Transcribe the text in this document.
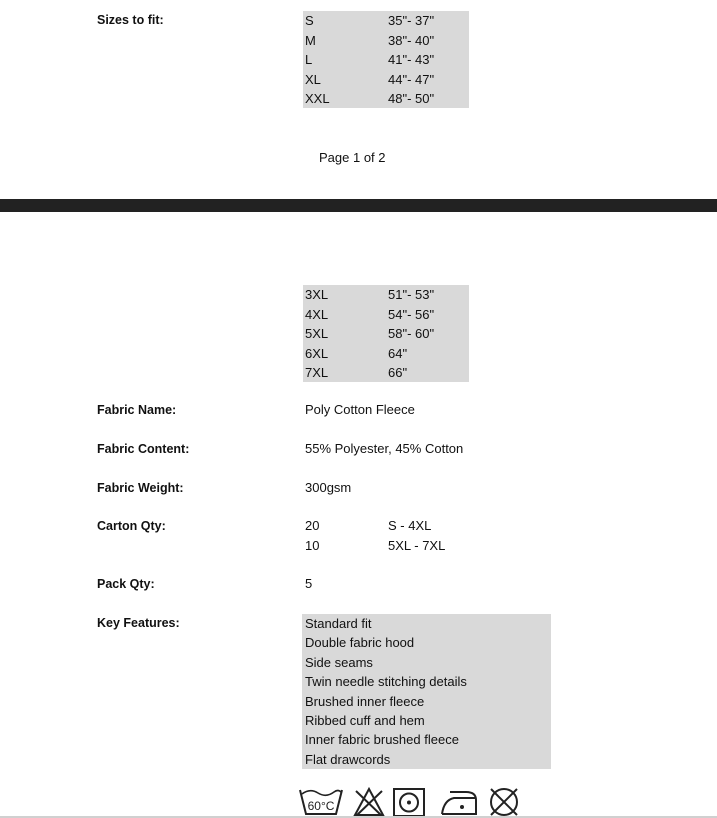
Sizes to fit:	S	35"- 37"
M	38"- 40"
L	41"- 43"
XL	44"- 47"
XXL	48"- 50"
Page 1 of 2
3XL	51"- 53"
4XL	54"- 56"
5XL	58"- 60"
6XL	64"
7XL	66"
Fabric Name:	Poly Cotton Fleece
Fabric Content:	55% Polyester, 45% Cotton
Fabric Weight:	300gsm
Carton Qty:	20	S - 4XL
10	5XL - 7XL
Pack Qty:	5
Key Features:	Standard fit
Double fabric hood
Side seams
Twin needle stitching details
Brushed inner fleece
Ribbed cuff and hem
Inner fabric brushed fleece
Flat drawcords
60°C
